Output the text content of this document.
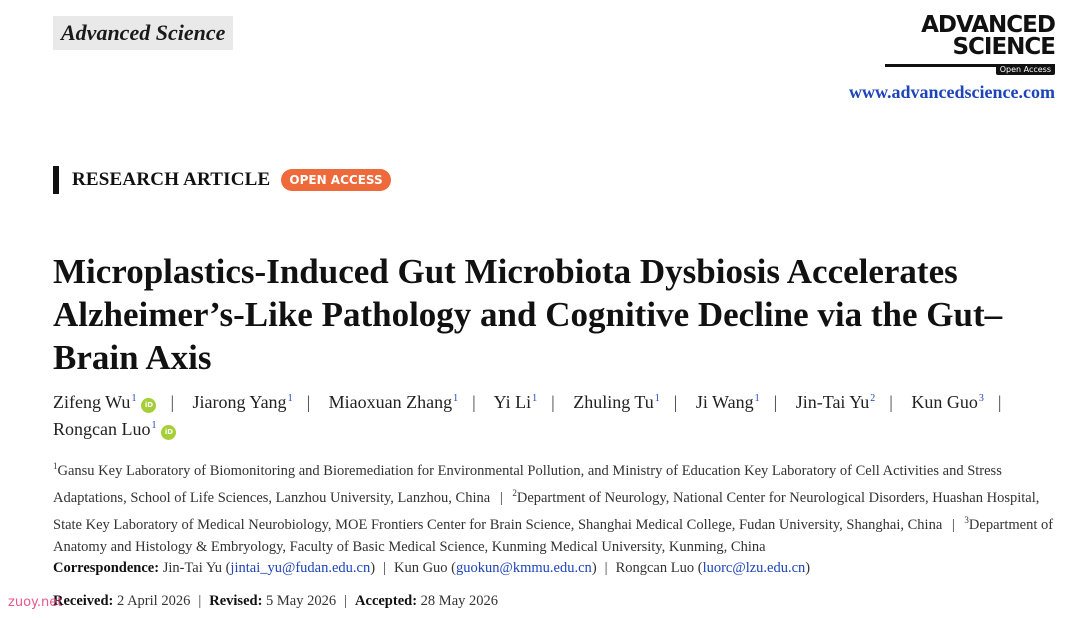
Advanced Science	ADVANCED
SCIENCE
Open Access
www.advancedscience.com
RESEARCH ARTICLE	OPEN ACCESS
Microplastics-Induced Gut Microbiota Dysbiosis Accelerates Alzheimer’s-Like Pathology and Cognitive Decline via the Gut–Brain Axis
Zifeng Wu$^1$iD | Jiarong Yang$^1$ | Miaoxuan Zhang$^1$ | Yi Li$^1$ | Zhuling Tu$^1$ | Ji Wang$^1$ | Jin-Tai Yu$^2$ | Kun Guo$^3$ | Rongcan Luo$^1$iD
$^1$Gansu Key Laboratory of Biomonitoring and Bioremediation for Environmental Pollution, and Ministry of Education Key Laboratory of Cell Activities and Stress Adaptations, School of Life Sciences, Lanzhou University, Lanzhou, China | $^2$Department of Neurology, National Center for Neurological Disorders, Huashan Hospital, State Key Laboratory of Medical Neurobiology, MOE Frontiers Center for Brain Science, Shanghai Medical College, Fudan University, Shanghai, China | $^3$Department of Anatomy and Histology & Embryology, Faculty of Basic Medical Science, Kunming Medical University, Kunming, China
Correspondence: Jin-Tai Yu (jintai_yu@fudan.edu.cn) | Kun Guo (guokun@kmmu.edu.cn) | Rongcan Luo (luorc@lzu.edu.cn)
Received: 2 April 2026 | Revised: 5 May 2026 | Accepted: 28 May 2026
zuoy.net
